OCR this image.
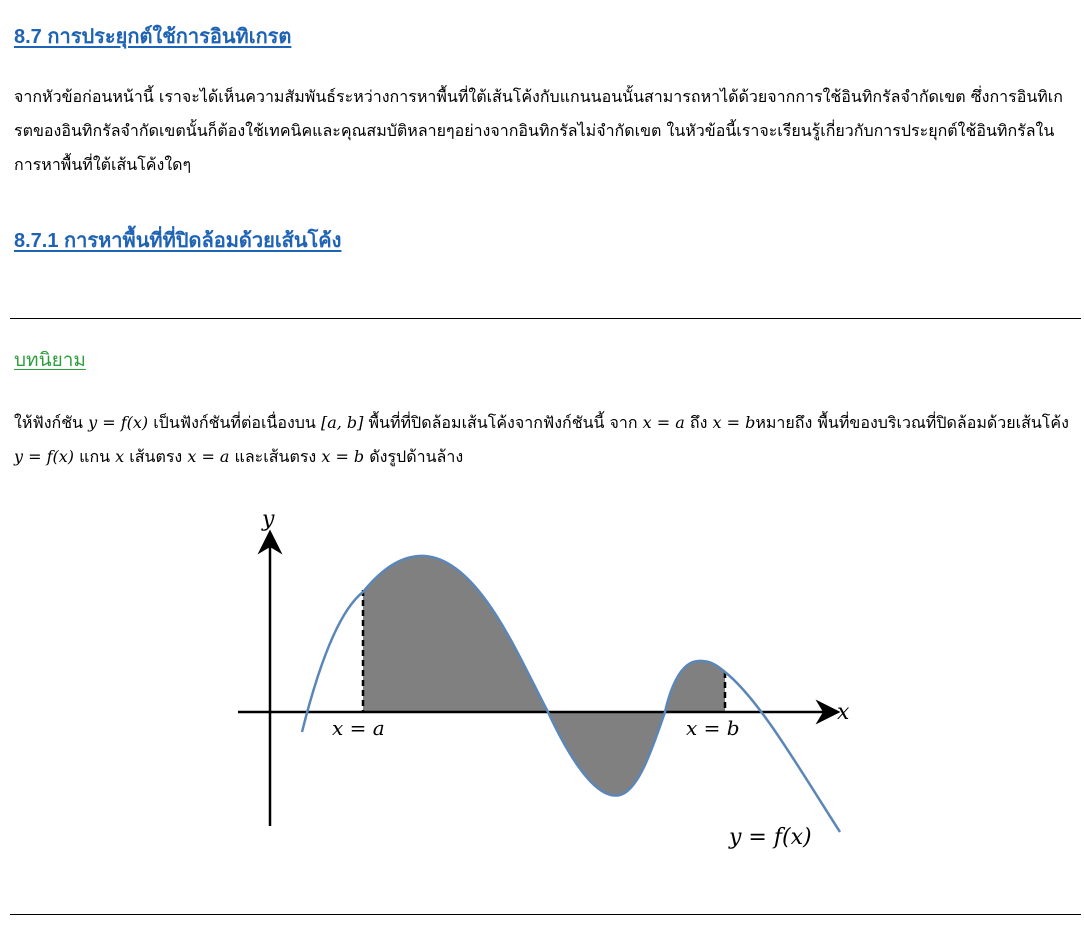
8.7 การประยุกต์ใช้การอินทิเกรต
จากหัวข้อก่อนหน้านี้ เราจะได้เห็นความสัมพันธ์ระหว่างการหาพื้นที่ใต้เส้นโค้งกับแกนนอนนั้นสามารถหาได้ด้วยจากการใช้อินทิกรัลจำกัดเขต ซึ่งการอินทิเกรตของอินทิกรัลจำกัดเขตนั้นก็ต้องใช้เทคนิคและคุณสมบัติหลายๆอย่างจากอินทิกรัลไม่จำกัดเขต ในหัวข้อนี้เราจะเรียนรู้เกี่ยวกับการประยุกต์ใช้อินทิกรัลในการหาพื้นที่ใต้เส้นโค้งใดๆ
8.7.1 การหาพื้นที่ที่ปิดล้อมด้วยเส้นโค้ง
บทนิยาม
ให้ฟังก์ชัน y = f(x) เป็นฟังก์ชันที่ต่อเนื่องบน [a, b] พื้นที่ที่ปิดล้อมเส้นโค้งจากฟังก์ชันนี้ จาก x = a ถึง x = bหมายถึง พื้นที่ของบริเวณที่ปิดล้อมด้วยเส้นโค้ง y = f(x) แกน x เส้นตรง x = a และเส้นตรง x = b ดังรูปด้านล้าง
y
x
x = a	x = b
y = f(x)
